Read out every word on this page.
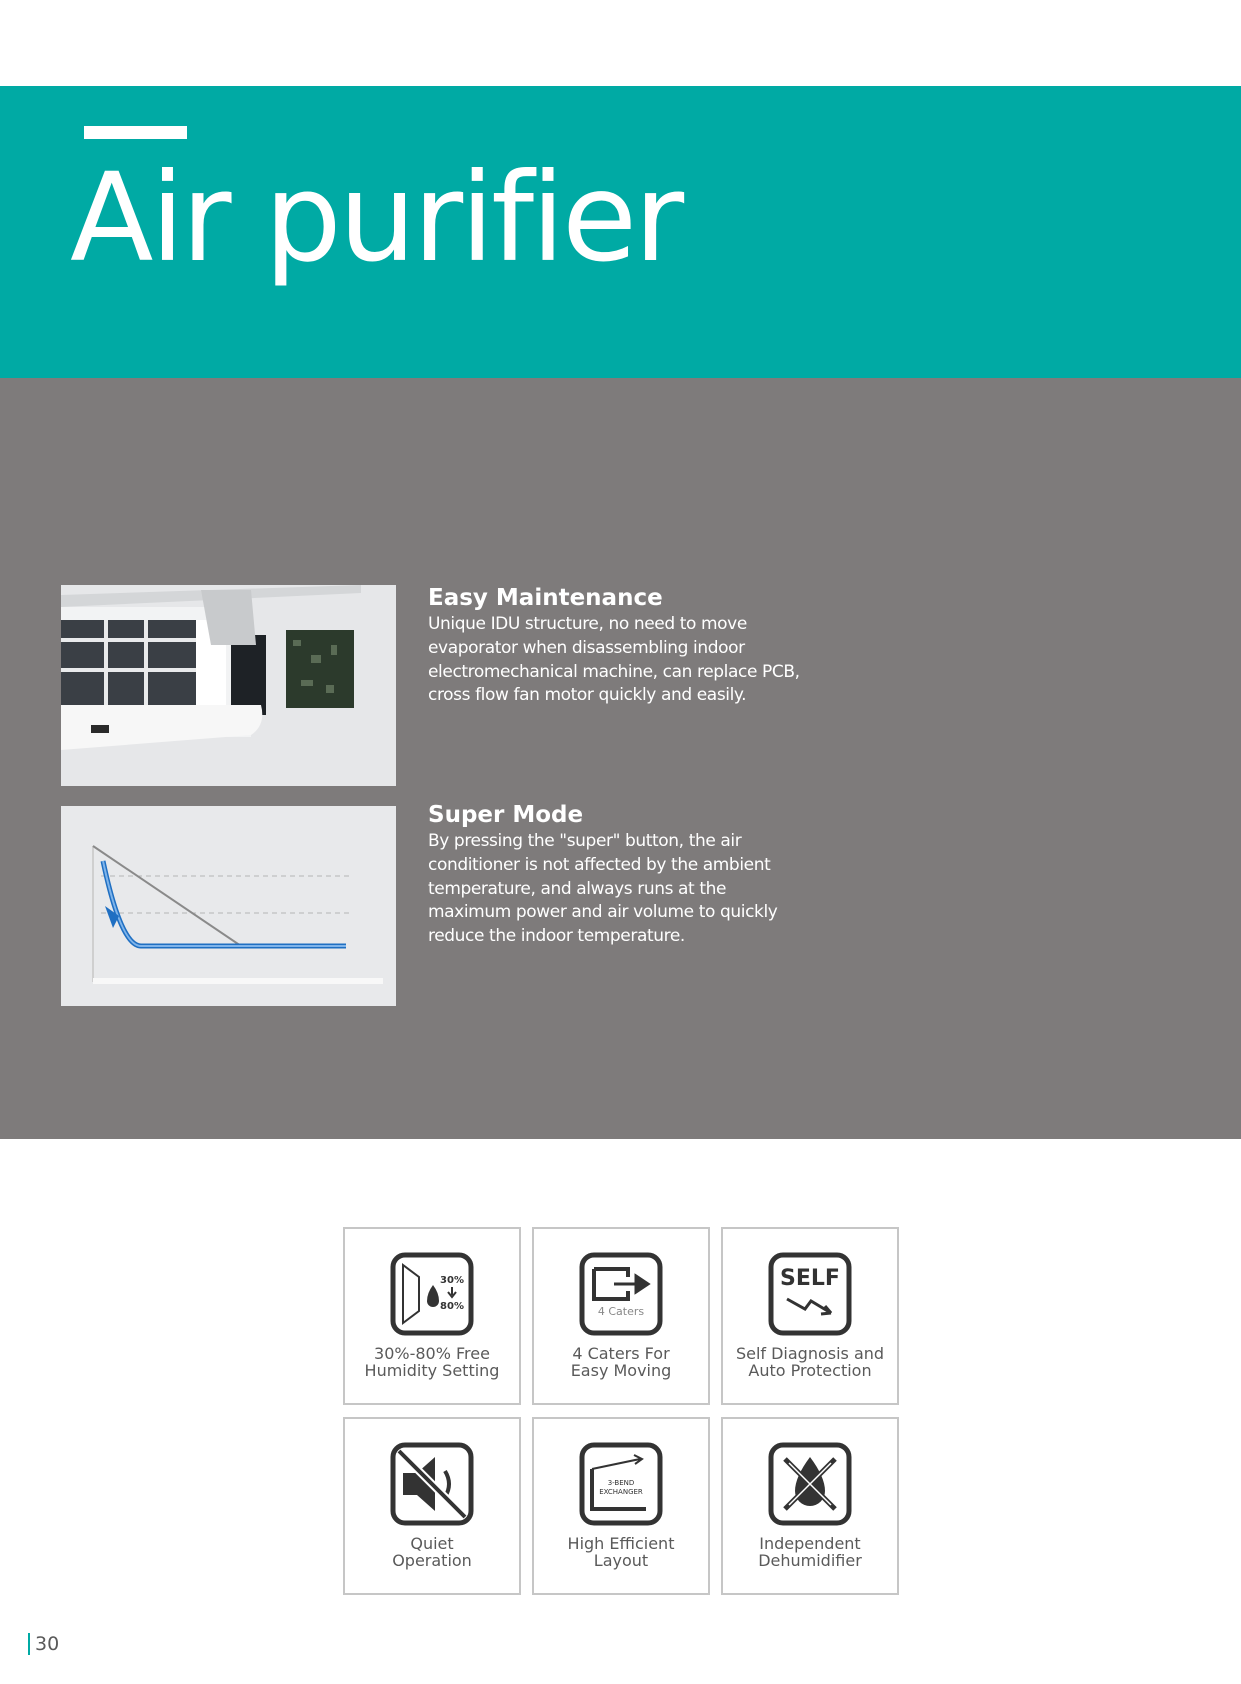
Air purifier
Easy Maintenance

Unique IDU structure, no need to move evaporator when disassembling indoor electromechanical machine, can replace PCB, cross flow fan motor quickly and easily.

Super Mode

By pressing the "super" button, the air conditioner is not affected by the ambient temperature, and always runs at the maximum power and air volume to quickly reduce the indoor temperature.

30%
80%
30%-80% Free
Humidity Setting
4 Caters
4 Caters For
Easy Moving
SELF
Self Diagnosis and
Auto Protection
Quiet
Operation
3-BEND
EXCHANGER
High Efficient
Layout
Independent
Dehumidifier
30
